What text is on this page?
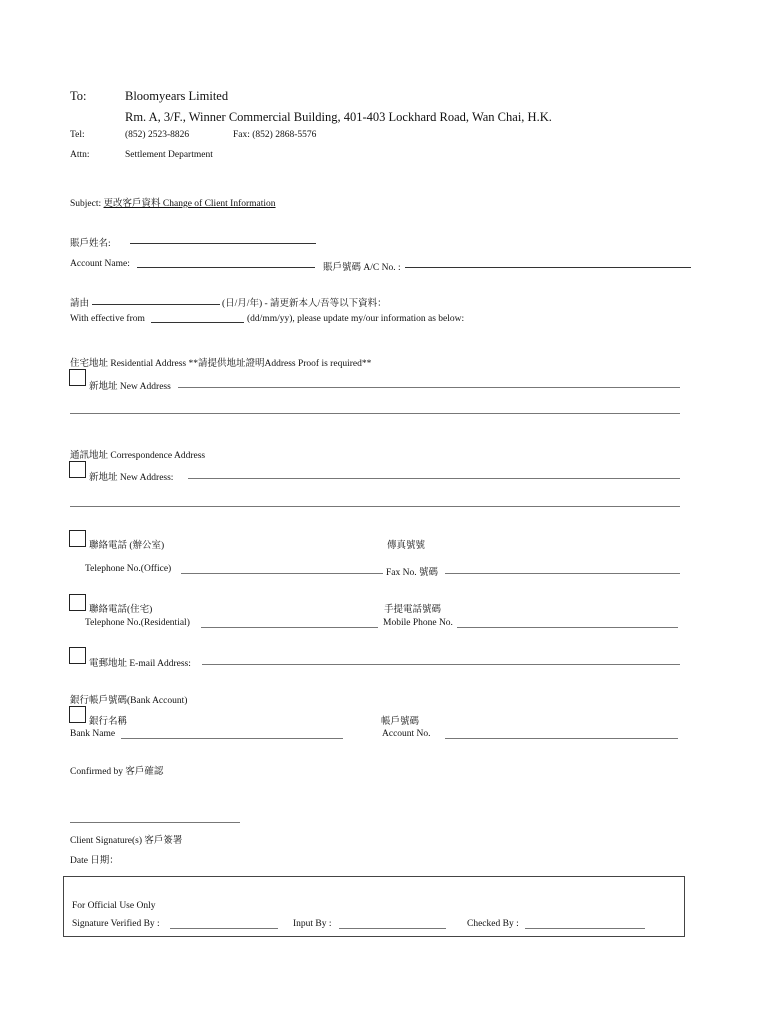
To:	Bloomyears Limited
Rm. A, 3/F., Winner Commercial Building, 401-403 Lockhard Road, Wan Chai, H.K.
Tel:	(852) 2523-8826	Fax: (852) 2868-5576
Attn:	Settlement Department
Subject: 更改客戶資料 Change of Client Information
賬戶姓名:
Account Name:	賬戶號碼 A/C No. :
請由	(日/月/年) - 請更新本人/吾等以下資料：
With effective from	(dd/mm/yy), please update my/our information as below:
住宅地址 Residential Address **請提供地址證明Address Proof is required**
新地址 New Address
通訊地址 Correspondence Address
新地址 New Address:
聯絡電話 (辦公室)	傳真號號
Telephone No.(Office)	Fax No. 號碼
聯絡電話(住宅)	手提電話號碼
Telephone No.(Residential)	Mobile Phone No.
電郵地址 E-mail Address:
銀行帳戶號碼(Bank Account)
銀行名稱	帳戶號碼
Bank Name	Account No.
Confirmed by 客戶確認
Client Signature(s) 客戶簽署
Date 日期：
For Official Use Only
Signature Verified By :	Input By :	Checked By :
